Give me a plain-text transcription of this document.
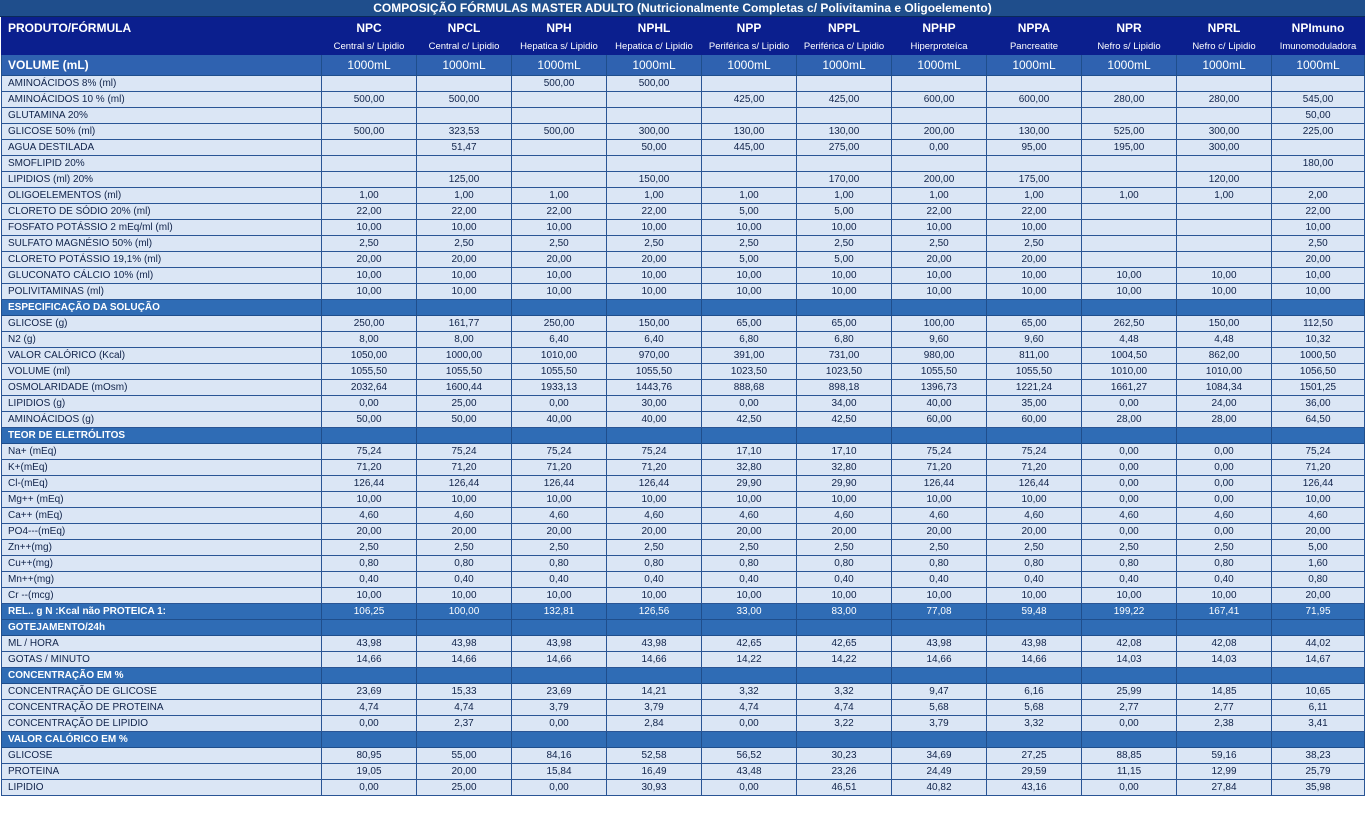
COMPOSIÇÃO FÓRMULAS MASTER ADULTO (Nutricionalmente Completas c/ Polivitamina e Oligoelemento)
PRODUTO/FÓRMULA	NPC	NPCL	NPH	NPHL	NPP	NPPL	NPHP	NPPA	NPR	NPRL	NPImuno
	Central s/ Lipidio	Central c/ Lipidio	Hepatica s/ Lipidio	Hepatica c/ Lipidio	Periférica s/ Lipidio	Periférica c/ Lipidio	Hiperproteíca	Pancreatite	Nefro s/ Lipidio	Nefro c/ Lipidio	Imunomoduladora
VOLUME (mL)	1000mL	1000mL	1000mL	1000mL	1000mL	1000mL	1000mL	1000mL	1000mL	1000mL	1000mL
AMINOÁCIDOS 8% (ml)			500,00	500,00							
AMINOÁCIDOS 10 % (ml)	500,00	500,00			425,00	425,00	600,00	600,00	280,00	280,00	545,00
GLUTAMINA 20%											50,00
GLICOSE 50% (ml)	500,00	323,53	500,00	300,00	130,00	130,00	200,00	130,00	525,00	300,00	225,00
AGUA DESTILADA		51,47		50,00	445,00	275,00	0,00	95,00	195,00	300,00	
SMOFLIPID 20%											180,00
LIPIDIOS (ml) 20%		125,00		150,00		170,00	200,00	175,00		120,00	
OLIGOELEMENTOS (ml)	1,00	1,00	1,00	1,00	1,00	1,00	1,00	1,00	1,00	1,00	2,00
CLORETO DE SÓDIO 20% (ml)	22,00	22,00	22,00	22,00	5,00	5,00	22,00	22,00			22,00
FOSFATO POTÁSSIO 2 mEq/ml (ml)	10,00	10,00	10,00	10,00	10,00	10,00	10,00	10,00			10,00
SULFATO MAGNÉSIO 50% (ml)	2,50	2,50	2,50	2,50	2,50	2,50	2,50	2,50			2,50
CLORETO POTÁSSIO 19,1% (ml)	20,00	20,00	20,00	20,00	5,00	5,00	20,00	20,00			20,00
GLUCONATO CÁLCIO 10% (ml)	10,00	10,00	10,00	10,00	10,00	10,00	10,00	10,00	10,00	10,00	10,00
POLIVITAMINAS (ml)	10,00	10,00	10,00	10,00	10,00	10,00	10,00	10,00	10,00	10,00	10,00
ESPECIFICAÇÃO DA SOLUÇÃO											
GLICOSE (g)	250,00	161,77	250,00	150,00	65,00	65,00	100,00	65,00	262,50	150,00	112,50
N2 (g)	8,00	8,00	6,40	6,40	6,80	6,80	9,60	9,60	4,48	4,48	10,32
VALOR CALÓRICO (Kcal)	1050,00	1000,00	1010,00	970,00	391,00	731,00	980,00	811,00	1004,50	862,00	1000,50
VOLUME (ml)	1055,50	1055,50	1055,50	1055,50	1023,50	1023,50	1055,50	1055,50	1010,00	1010,00	1056,50
OSMOLARIDADE (mOsm)	2032,64	1600,44	1933,13	1443,76	888,68	898,18	1396,73	1221,24	1661,27	1084,34	1501,25
LIPIDIOS (g)	0,00	25,00	0,00	30,00	0,00	34,00	40,00	35,00	0,00	24,00	36,00
AMINOÁCIDOS (g)	50,00	50,00	40,00	40,00	42,50	42,50	60,00	60,00	28,00	28,00	64,50
TEOR DE ELETRÓLITOS											
Na+ (mEq)	75,24	75,24	75,24	75,24	17,10	17,10	75,24	75,24	0,00	0,00	75,24
K+(mEq)	71,20	71,20	71,20	71,20	32,80	32,80	71,20	71,20	0,00	0,00	71,20
Cl-(mEq)	126,44	126,44	126,44	126,44	29,90	29,90	126,44	126,44	0,00	0,00	126,44
Mg++ (mEq)	10,00	10,00	10,00	10,00	10,00	10,00	10,00	10,00	0,00	0,00	10,00
Ca++ (mEq)	4,60	4,60	4,60	4,60	4,60	4,60	4,60	4,60	4,60	4,60	4,60
PO4---(mEq)	20,00	20,00	20,00	20,00	20,00	20,00	20,00	20,00	0,00	0,00	20,00
Zn++(mg)	2,50	2,50	2,50	2,50	2,50	2,50	2,50	2,50	2,50	2,50	5,00
Cu++(mg)	0,80	0,80	0,80	0,80	0,80	0,80	0,80	0,80	0,80	0,80	1,60
Mn++(mg)	0,40	0,40	0,40	0,40	0,40	0,40	0,40	0,40	0,40	0,40	0,80
Cr --(mcg)	10,00	10,00	10,00	10,00	10,00	10,00	10,00	10,00	10,00	10,00	20,00
REL.. g N :Kcal não PROTEICA 1:	106,25	100,00	132,81	126,56	33,00	83,00	77,08	59,48	199,22	167,41	71,95
GOTEJAMENTO/24h											
ML / HORA	43,98	43,98	43,98	43,98	42,65	42,65	43,98	43,98	42,08	42,08	44,02
GOTAS / MINUTO	14,66	14,66	14,66	14,66	14,22	14,22	14,66	14,66	14,03	14,03	14,67
CONCENTRAÇÃO EM %											
CONCENTRAÇÃO DE GLICOSE	23,69	15,33	23,69	14,21	3,32	3,32	9,47	6,16	25,99	14,85	10,65
CONCENTRAÇÃO DE PROTEINA	4,74	4,74	3,79	3,79	4,74	4,74	5,68	5,68	2,77	2,77	6,11
CONCENTRAÇÃO DE LIPIDIO	0,00	2,37	0,00	2,84	0,00	3,22	3,79	3,32	0,00	2,38	3,41
VALOR CALÓRICO EM %											
GLICOSE	80,95	55,00	84,16	52,58	56,52	30,23	34,69	27,25	88,85	59,16	38,23
PROTEINA	19,05	20,00	15,84	16,49	43,48	23,26	24,49	29,59	11,15	12,99	25,79
LIPIDIO	0,00	25,00	0,00	30,93	0,00	46,51	40,82	43,16	0,00	27,84	35,98
